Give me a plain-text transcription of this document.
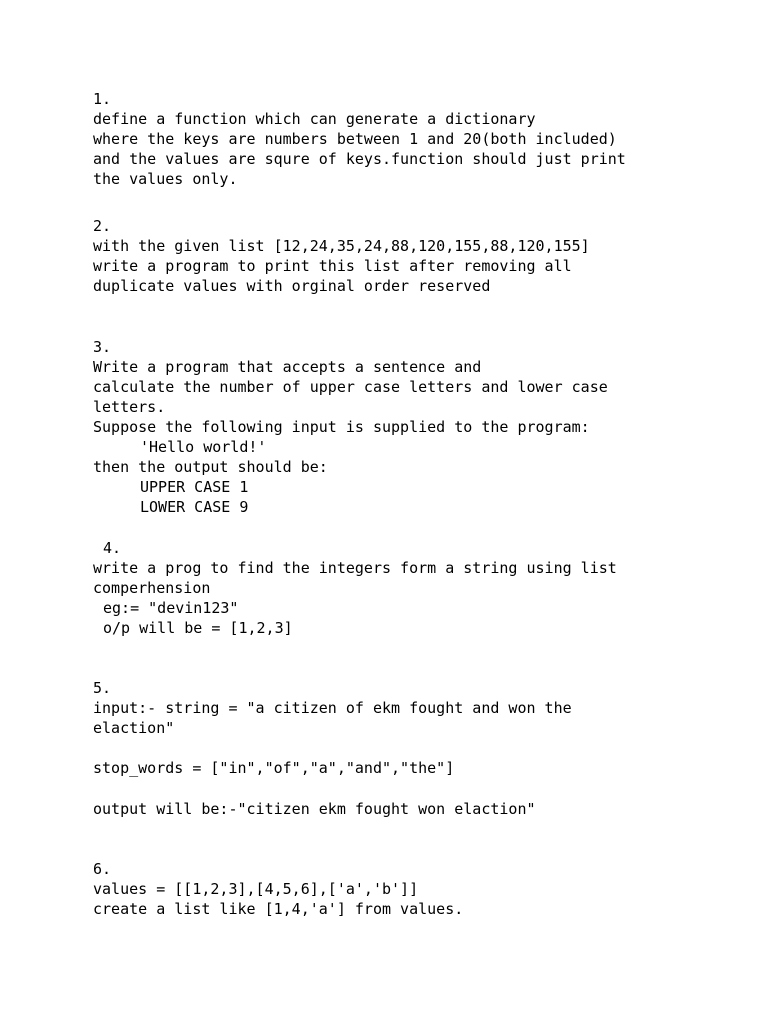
1.
define a function which can generate a dictionary
where the keys are numbers between 1 and 20(both included)
and the values are squre of keys.function should just print
the values only.
2.
with the given list [12,24,35,24,88,120,155,88,120,155]
write a program to print this list after removing all
duplicate values with orginal order reserved
3.
Write a program that accepts a sentence and
calculate the number of upper case letters and lower case
letters.
Suppose the following input is supplied to the program:
'Hello world!'
then the output should be:
UPPER CASE 1
LOWER CASE 9
4.
write a prog to find the integers form a string using list
comperhension
eg:= "devin123"
o/p will be = [1,2,3]
5.
input:- string = "a citizen of ekm fought and won the
elaction"
stop_words = ["in","of","a","and","the"]
output will be:-"citizen ekm fought won elaction"
6.
values = [[1,2,3],[4,5,6],['a','b']]
create a list like [1,4,'a'] from values.
